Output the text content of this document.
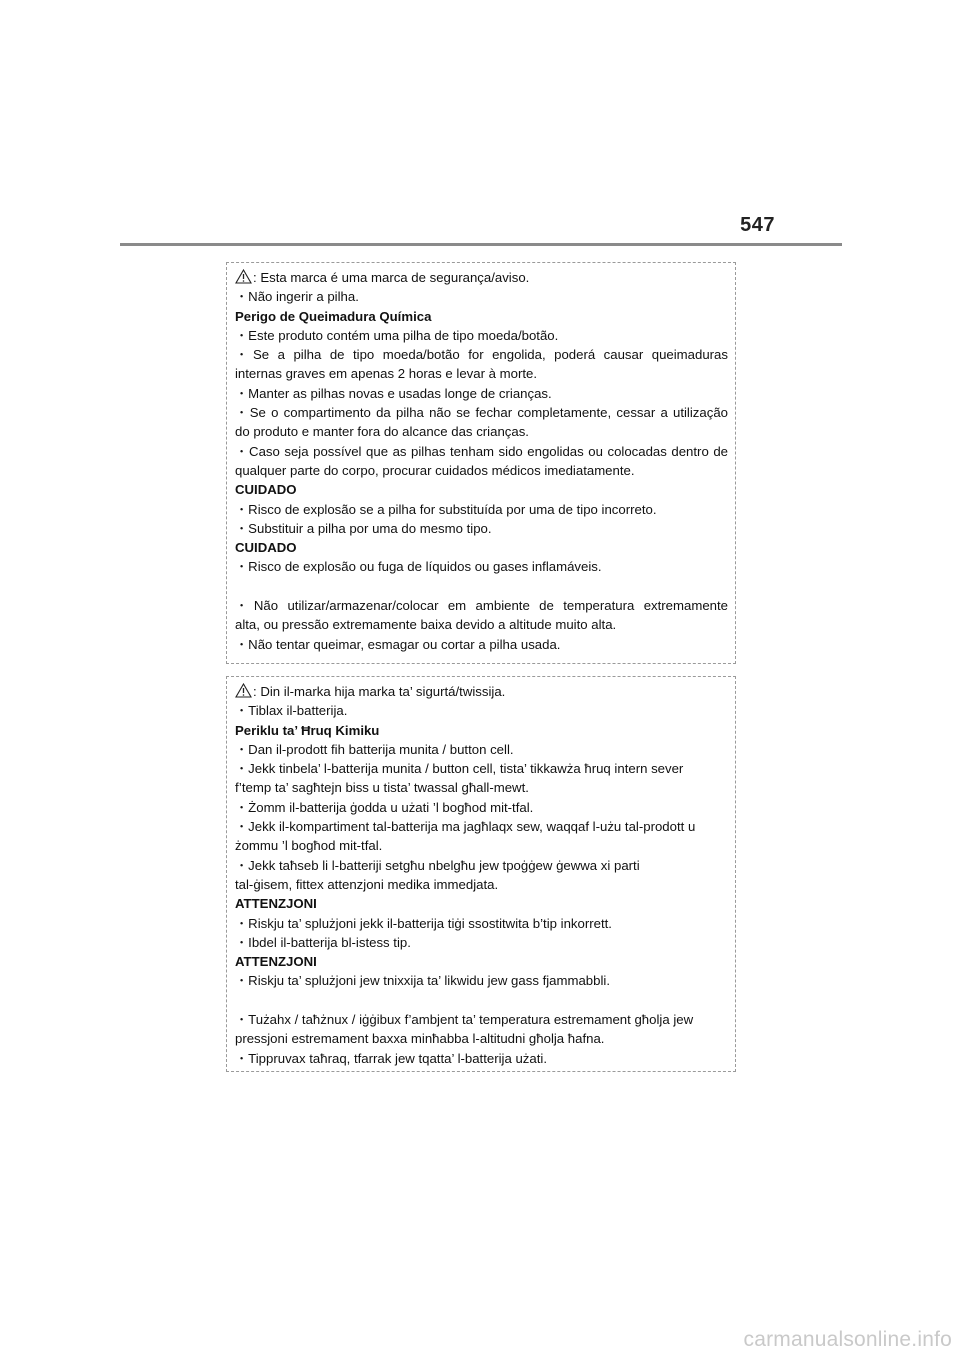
547
: Esta marca é uma marca de segurança/aviso.
・Não ingerir a pilha.
Perigo de Queimadura Química
・Este produto contém uma pilha de tipo moeda/botão.
・Se a pilha de tipo moeda/botão for engolida, poderá causar queimaduras
internas graves em apenas 2 horas e levar à morte.
・Manter as pilhas novas e usadas longe de crianças.
・Se o compartimento da pilha não se fechar completamente, cessar a utilização
do produto e manter fora do alcance das crianças.
・Caso seja possível que as pilhas tenham sido engolidas ou colocadas dentro de
qualquer parte do corpo, procurar cuidados médicos imediatamente.
CUIDADO
・Risco de explosão se a pilha for substituída por uma de tipo incorreto.
・Substituir a pilha por uma do mesmo tipo.
CUIDADO
・Risco de explosão ou fuga de líquidos ou gases inflamáveis.
・Não utilizar/armazenar/colocar em ambiente de temperatura extremamente
alta, ou pressão extremamente baixa devido a altitude muito alta.
・Não tentar queimar, esmagar ou cortar a pilha usada.
: Din il-marka hija marka ta’ sigurtá/twissija.
・Tiblax il-batterija.
Periklu ta’ Ħruq Kimiku
・Dan il-prodott fih batterija munita / button cell.
・Jekk tinbela’ l-batterija munita / button cell, tista’ tikkawża ħruq intern sever
f’temp ta’ sagħtejn biss u tista’ twassal għall-mewt.
・Żomm il-batterija ġodda u użati ’l bogħod mit-tfal.
・Jekk il-kompartiment tal-batterija ma jagħlaqx sew, waqqaf l-użu tal-prodott u
żommu ’l bogħod mit-tfal.
・Jekk taħseb li l-batteriji setgħu nbelgħu jew tpoġġew ġewwa xi parti
tal-ġisem, fittex attenzjoni medika immedjata.
ATTENZJONI
・Riskju ta’ splużjoni jekk il-batterija tiġi ssostitwita b’tip inkorrett.
・Ibdel il-batterija bl-istess tip.
ATTENZJONI
・Riskju ta’ splużjoni jew tnixxija ta’ likwidu jew gass fjammabbli.
・Tużahx / taħżnux / iġġibux f’ambjent ta’ temperatura estremament għolja jew
pressjoni estremament baxxa minħabba l-altitudni għolja ħafna.
・Tippruvax taħraq, tfarrak jew tqatta’ l-batterija użati.
carmanualsonline.info
